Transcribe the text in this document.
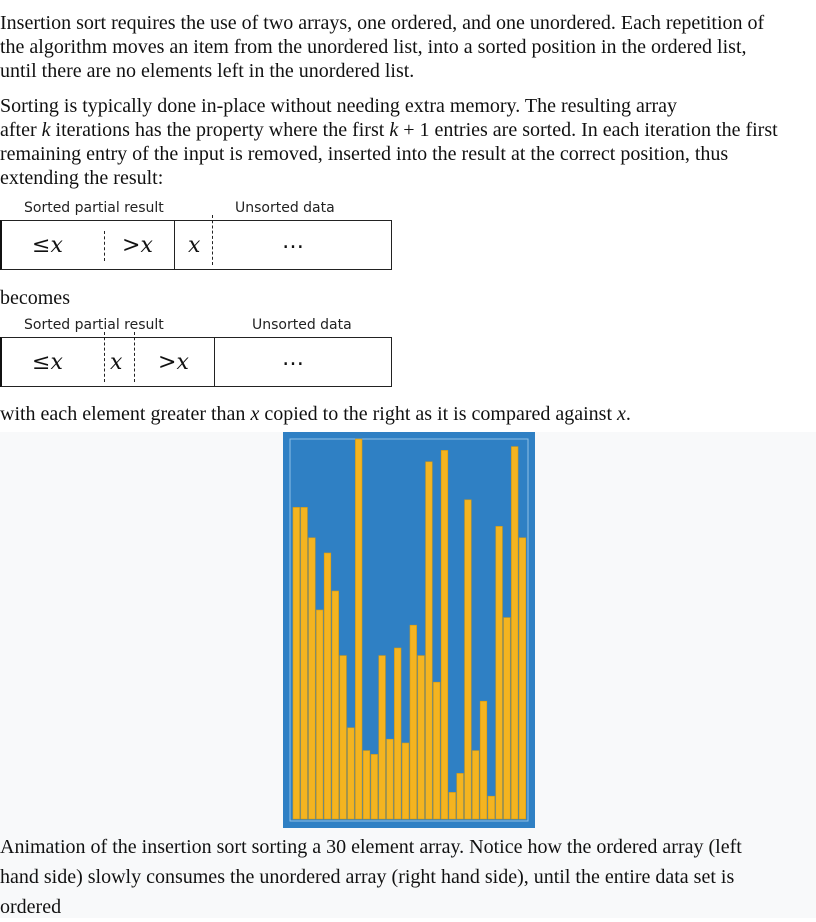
Insertion sort requires the use of two arrays, one ordered, and one unordered. Each repetition of
the algorithm moves an item from the unordered list, into a sorted position in the ordered list,
until there are no elements left in the unordered list.

Sorting is typically done in-place without needing extra memory. The resulting array
after k iterations has the property where the first k + 1 entries are sorted. In each iteration the first
remaining entry of the input is removed, inserted into the result at the correct position, thus
extending the result:

Sorted partial result	Unsorted data
≤x	>x x	…

becomes

Sorted partial result	Unsorted data
≤x x >x	…

with each element greater than x copied to the right as it is compared against x.

Animation of the insertion sort sorting a 30 element array. Notice how the ordered array (left
hand side) slowly consumes the unordered array (right hand side), until the entire data set is
ordered
